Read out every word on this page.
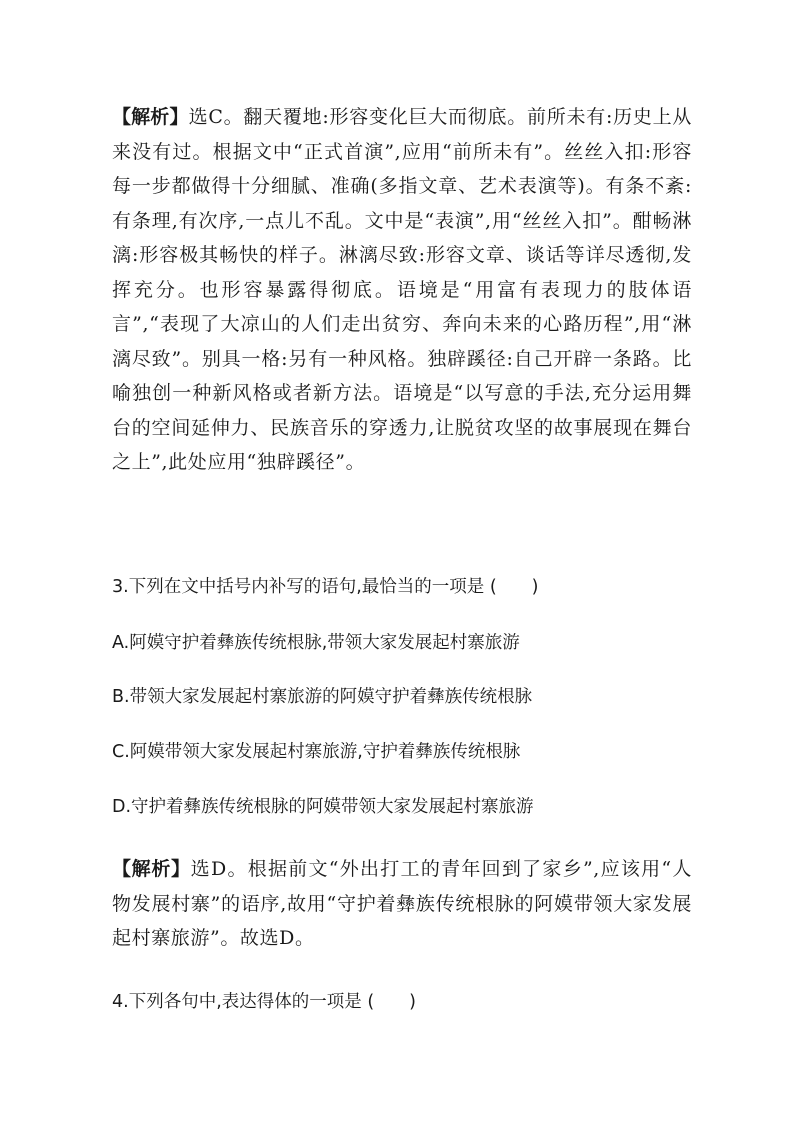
【解析】选C。翻天覆地:形容变化巨大而彻底。前所未有:历史上从来没有过。根据文中“正式首演”,应用“前所未有”。丝丝入扣:形容每一步都做得十分细腻、准确(多指文章、艺术表演等)。有条不紊:有条理,有次序,一点儿不乱。文中是“表演”,用“丝丝入扣”。酣畅淋漓:形容极其畅快的样子。淋漓尽致:形容文章、谈话等详尽透彻,发挥充分。也形容暴露得彻底。语境是“用富有表现力的肢体语言”,“表现了大凉山的人们走出贫穷、奔向未来的心路历程”,用“淋漓尽致”。别具一格:另有一种风格。独辟蹊径:自己开辟一条路。比喻独创一种新风格或者新方法。语境是“以写意的手法,充分运用舞台的空间延伸力、民族音乐的穿透力,让脱贫攻坚的故事展现在舞台之上”,此处应用“独辟蹊径”。

3.下列在文中括号内补写的语句,最恰当的一项是 (　　)

A.阿嫫守护着彝族传统根脉,带领大家发展起村寨旅游

B.带领大家发展起村寨旅游的阿嫫守护着彝族传统根脉

C.阿嫫带领大家发展起村寨旅游,守护着彝族传统根脉

D.守护着彝族传统根脉的阿嫫带领大家发展起村寨旅游

【解析】选D。根据前文“外出打工的青年回到了家乡”,应该用“人物发展村寨”的语序,故用“守护着彝族传统根脉的阿嫫带领大家发展起村寨旅游”。故选D。

4.下列各句中,表达得体的一项是 (　　)
